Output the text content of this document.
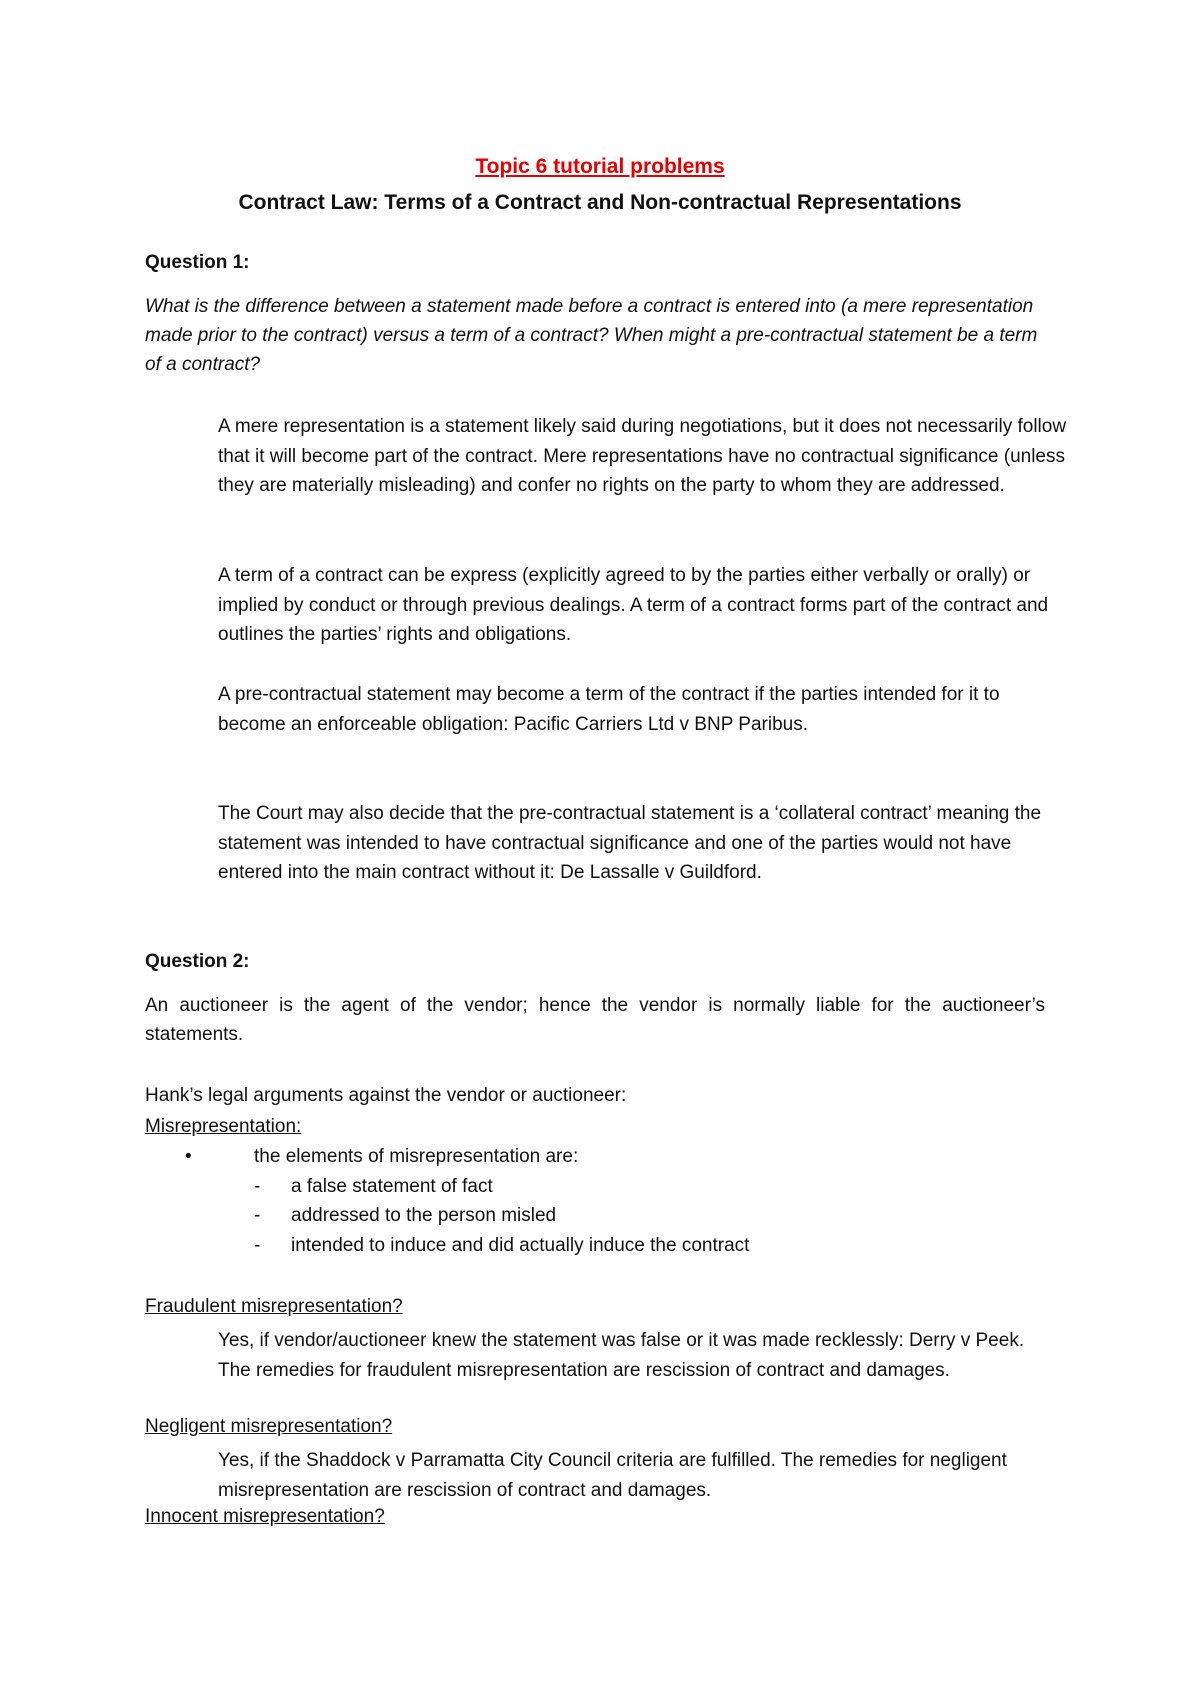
Topic 6 tutorial problems
Contract Law: Terms of a Contract and Non-contractual Representations
Question 1:
What is the difference between a statement made before a contract is entered into (a mere representation made prior to the contract) versus a term of a contract? When might a pre-contractual statement be a term of a contract?

A mere representation is a statement likely said during negotiations, but it does not necessarily follow that it will become part of the contract. Mere representations have no contractual significance (unless they are materially misleading) and confer no rights on the party to whom they are addressed.

A term of a contract can be express (explicitly agreed to by the parties either verbally or orally) or implied by conduct or through previous dealings. A term of a contract forms part of the contract and outlines the parties’ rights and obligations.

A pre-contractual statement may become a term of the contract if the parties intended for it to become an enforceable obligation: Pacific Carriers Ltd v BNP Paribus.

The Court may also decide that the pre-contractual statement is a ‘collateral contract’ meaning the statement was intended to have contractual significance and one of the parties would not have entered into the main contract without it: De Lassalle v Guildford.

Question 2:

An auctioneer is the agent of the vendor; hence the vendor is normally liable for the auctioneer’s statements.

Hank’s legal arguments against the vendor or auctioneer:

Misrepresentation:
•	the elements of misrepresentation are:
- a false statement of fact
- addressed to the person misled
- intended to induce and did actually induce the contract
Fraudulent misrepresentation?

Yes, if vendor/auctioneer knew the statement was false or it was made recklessly: Derry v Peek. The remedies for fraudulent misrepresentation are rescission of contract and damages.

Negligent misrepresentation?

Yes, if the Shaddock v Parramatta City Council criteria are fulfilled. The remedies for negligent misrepresentation are rescission of contract and damages.

Innocent misrepresentation?
